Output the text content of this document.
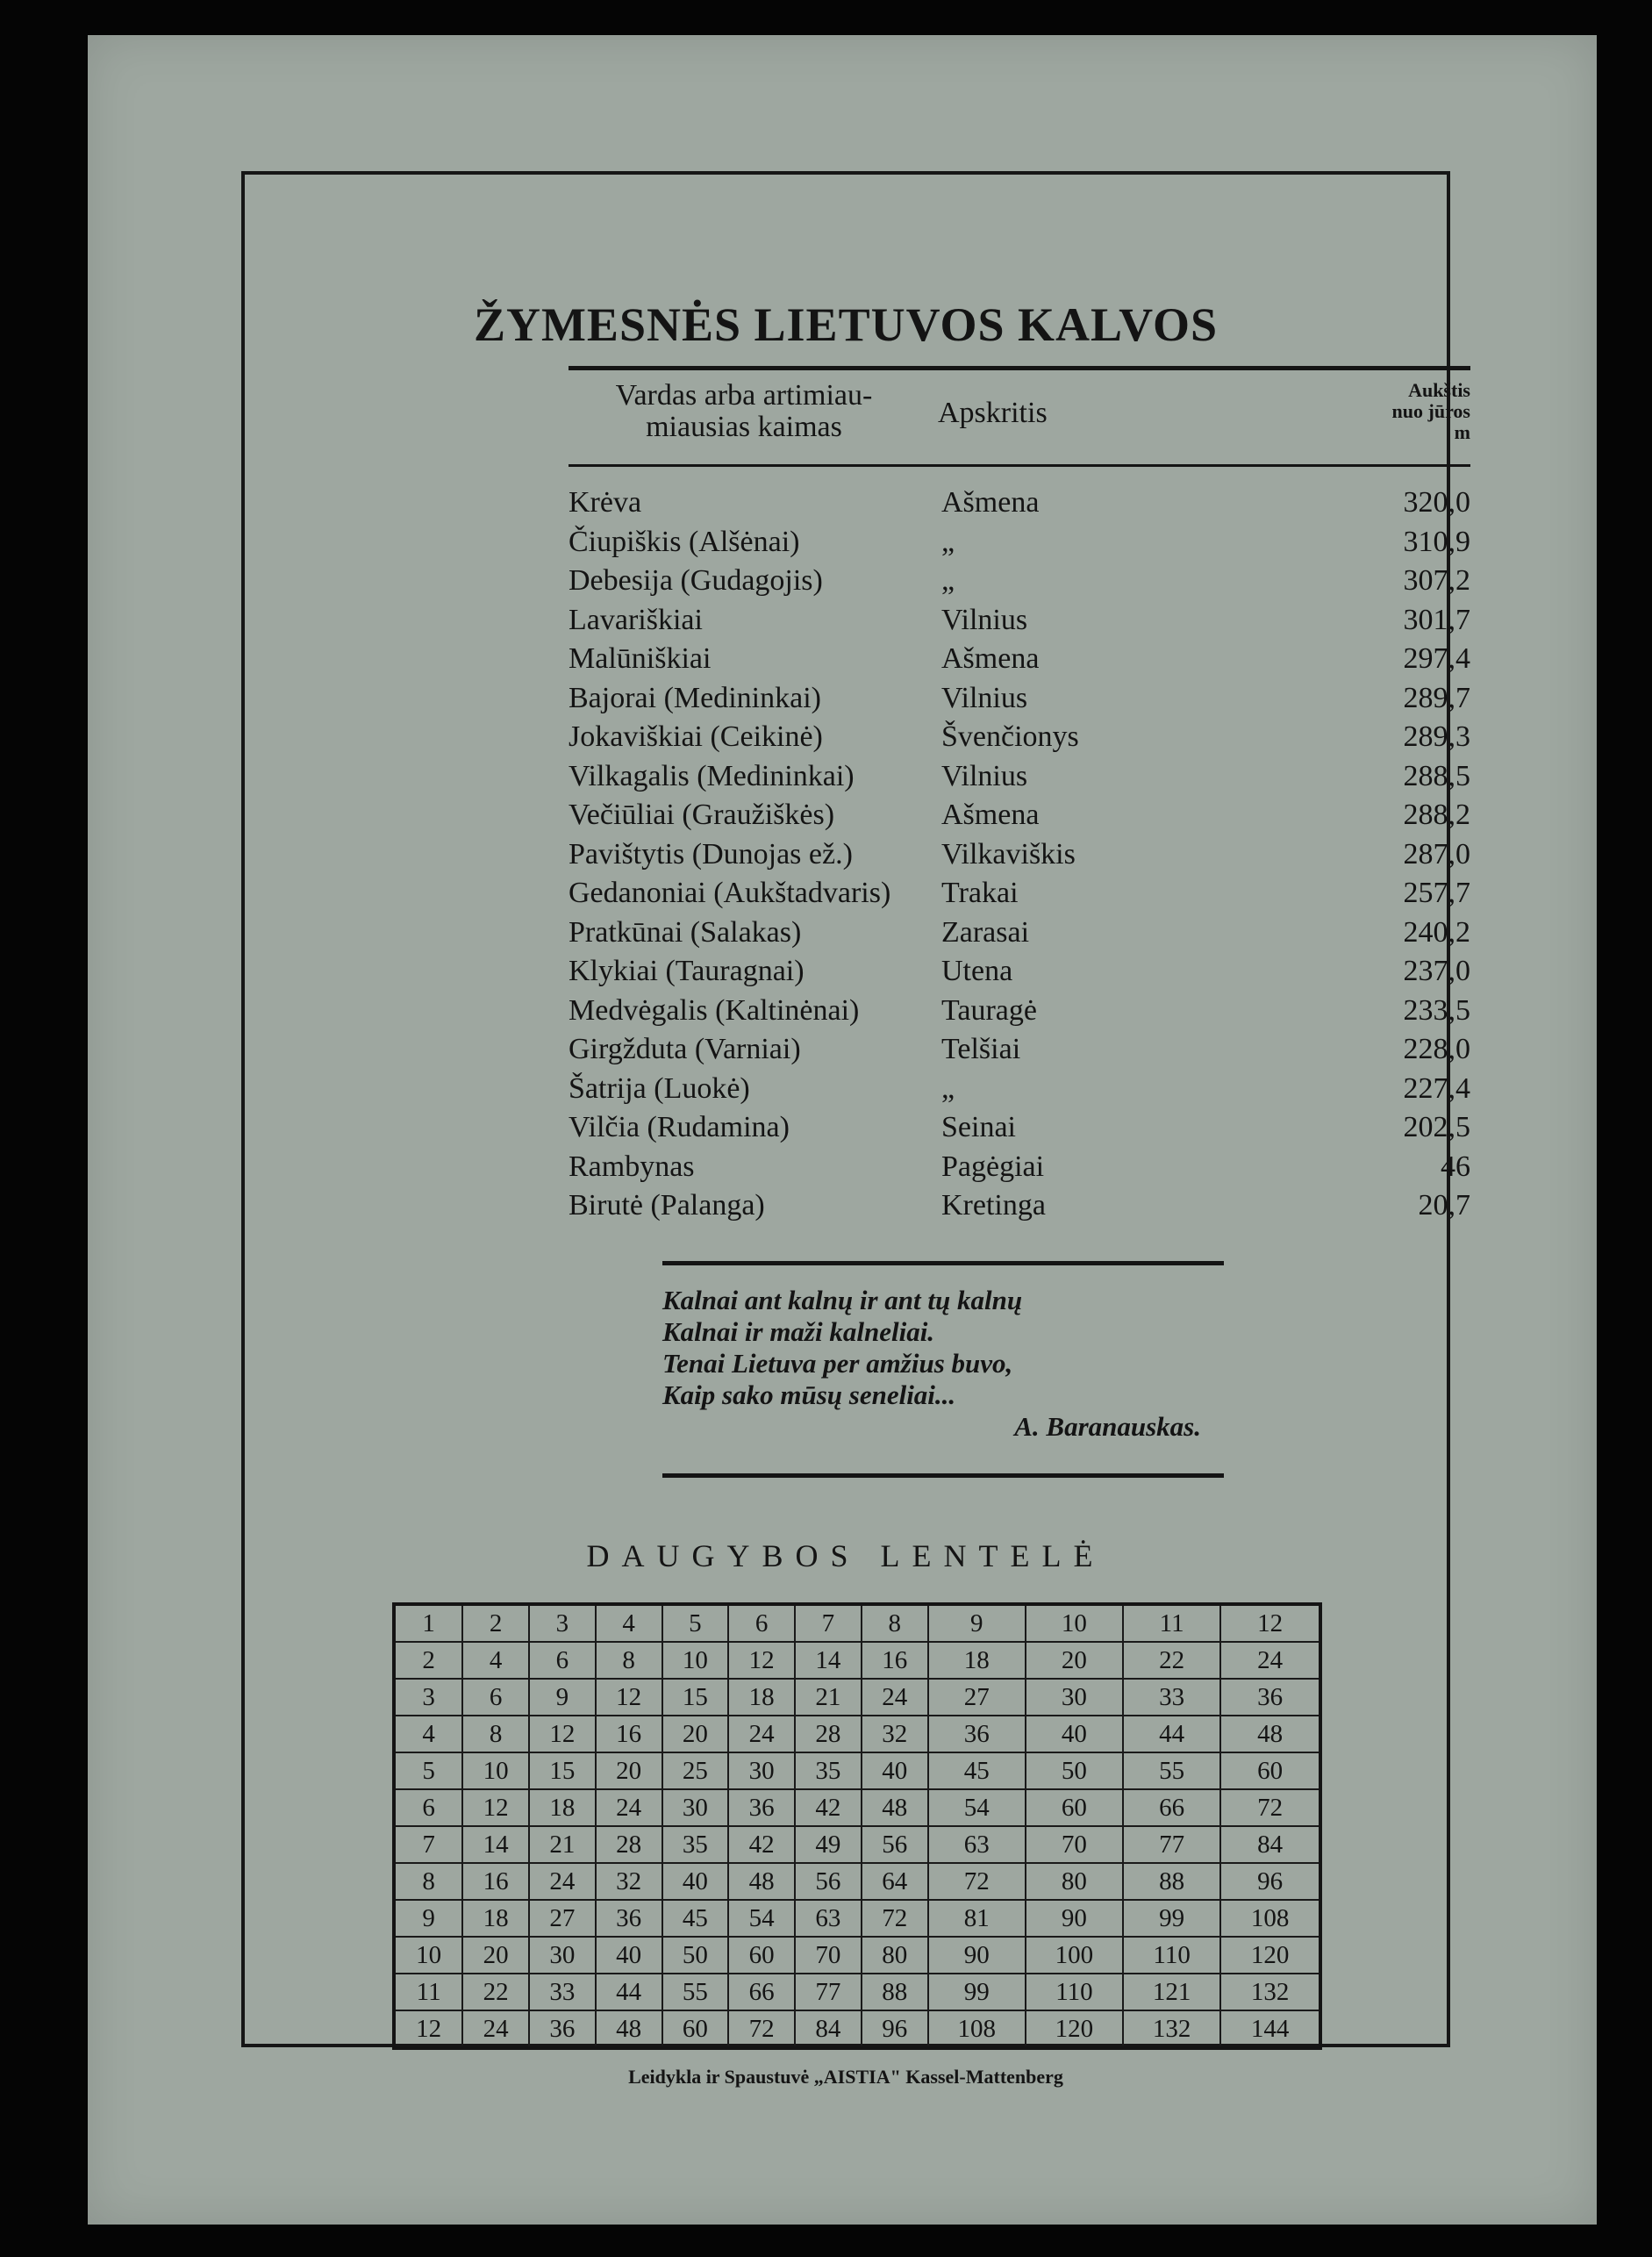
ŽYMESNĖS LIETUVOS KALVOS
Vardas arba artimiau-
miausias kaimas	Apskritis
Aukštis
nuo jūros
m
Krėva	Ašmena	320,0
Čiupiškis (Alšėnai)	„	310,9
Debesija (Gudagojis)	„	307,2
Lavariškiai	Vilnius	301,7
Malūniškiai	Ašmena	297,4
Bajorai (Medininkai)	Vilnius	289,7
Jokaviškiai (Ceikinė)	Švenčionys	289,3
Vilkagalis (Medininkai)	Vilnius	288,5
Večiūliai (Graužiškės)	Ašmena	288,2
Pavištytis (Dunojas ež.)	Vilkaviškis	287,0
Gedanoniai (Aukštadvaris) Trakai	257,7
Pratkūnai (Salakas)	Zarasai	240,2
Klykiai (Tauragnai)	Utena	237,0
Medvėgalis (Kaltinėnai)	Tauragė	233,5
Girgžduta (Varniai)	Telšiai	228,0
Šatrija (Luokė)	„	227,4
Vilčia (Rudamina)	Seinai	202,5
Rambynas	Pagėgiai	46
Birutė (Palanga)	Kretinga	20,7
Kalnai ant kalnų ir ant tų kalnų
Kalnai ir maži kalneliai.
Tenai Lietuva per amžius buvo,
Kaip sako mūsų seneliai...
A. Baranauskas.
DAUGYBOS LENTELĖ
1	2	3	4	5	6	7	8	9	10	11	12
2	4	6	8	10	12	14	16	18	20	22	24
3	6	9	12	15	18	21	24	27	30	33	36
4	8	12	16	20	24	28	32	36	40	44	48
5	10	15	20	25	30	35	40	45	50	55	60
6	12	18	24	30	36	42	48	54	60	66	72
7	14	21	28	35	42	49	56	63	70	77	84
8	16	24	32	40	48	56	64	72	80	88	96
9	18	27	36	45	54	63	72	81	90	99	108
10	20	30	40	50	60	70	80	90	100	110	120
11	22	33	44	55	66	77	88	99	110	121	132
12	24	36	48	60	72	84	96	108	120	132	144
Leidykla ir Spaustuvė „AISTIA" Kassel-Mattenberg
